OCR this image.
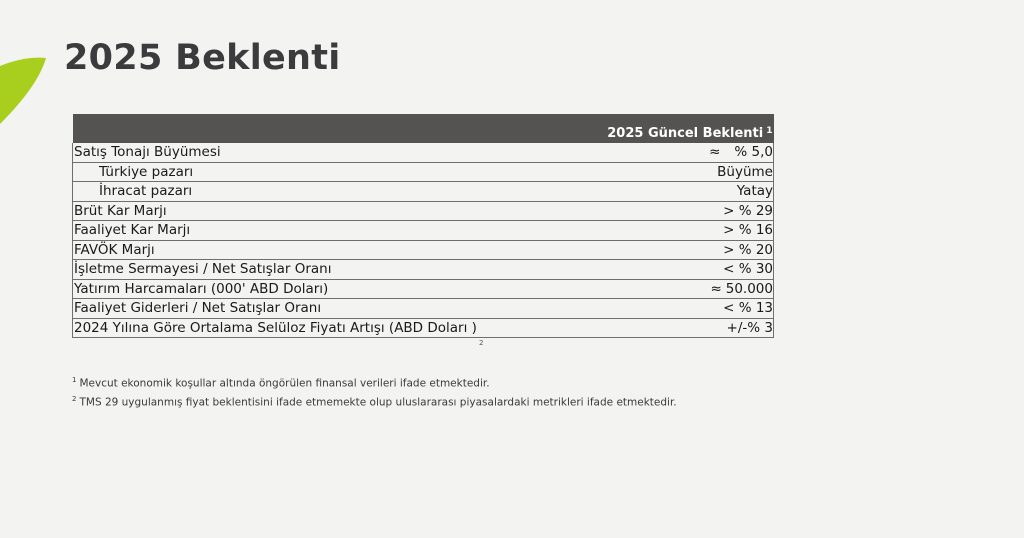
2025 Beklenti
	2025 Güncel Beklenti $^1$
Satış Tonajı Büyümesi	≈ % 5,0
Türkiye pazarı	Büyüme
İhracat pazarı	Yatay
Brüt Kar Marjı	> % 29
Faaliyet Kar Marjı	> % 16
FAVÖK Marjı	> % 20
İşletme Sermayesi / Net Satışlar Oranı	< % 30
Yatırım Harcamaları (000' ABD Doları)	≈ 50.000
Faaliyet Giderleri / Net Satışlar Oranı	< % 13
2024 Yılına Göre Ortalama Selüloz Fiyatı Artışı (ABD Doları )	+/-% 3
2
$^1$ Mevcut ekonomik koşullar altında öngörülen finansal verileri ifade etmektedir.
$^2$ TMS 29 uygulanmış fiyat beklentisini ifade etmemekte olup uluslararası piyasalardaki metrikleri ifade etmektedir.
